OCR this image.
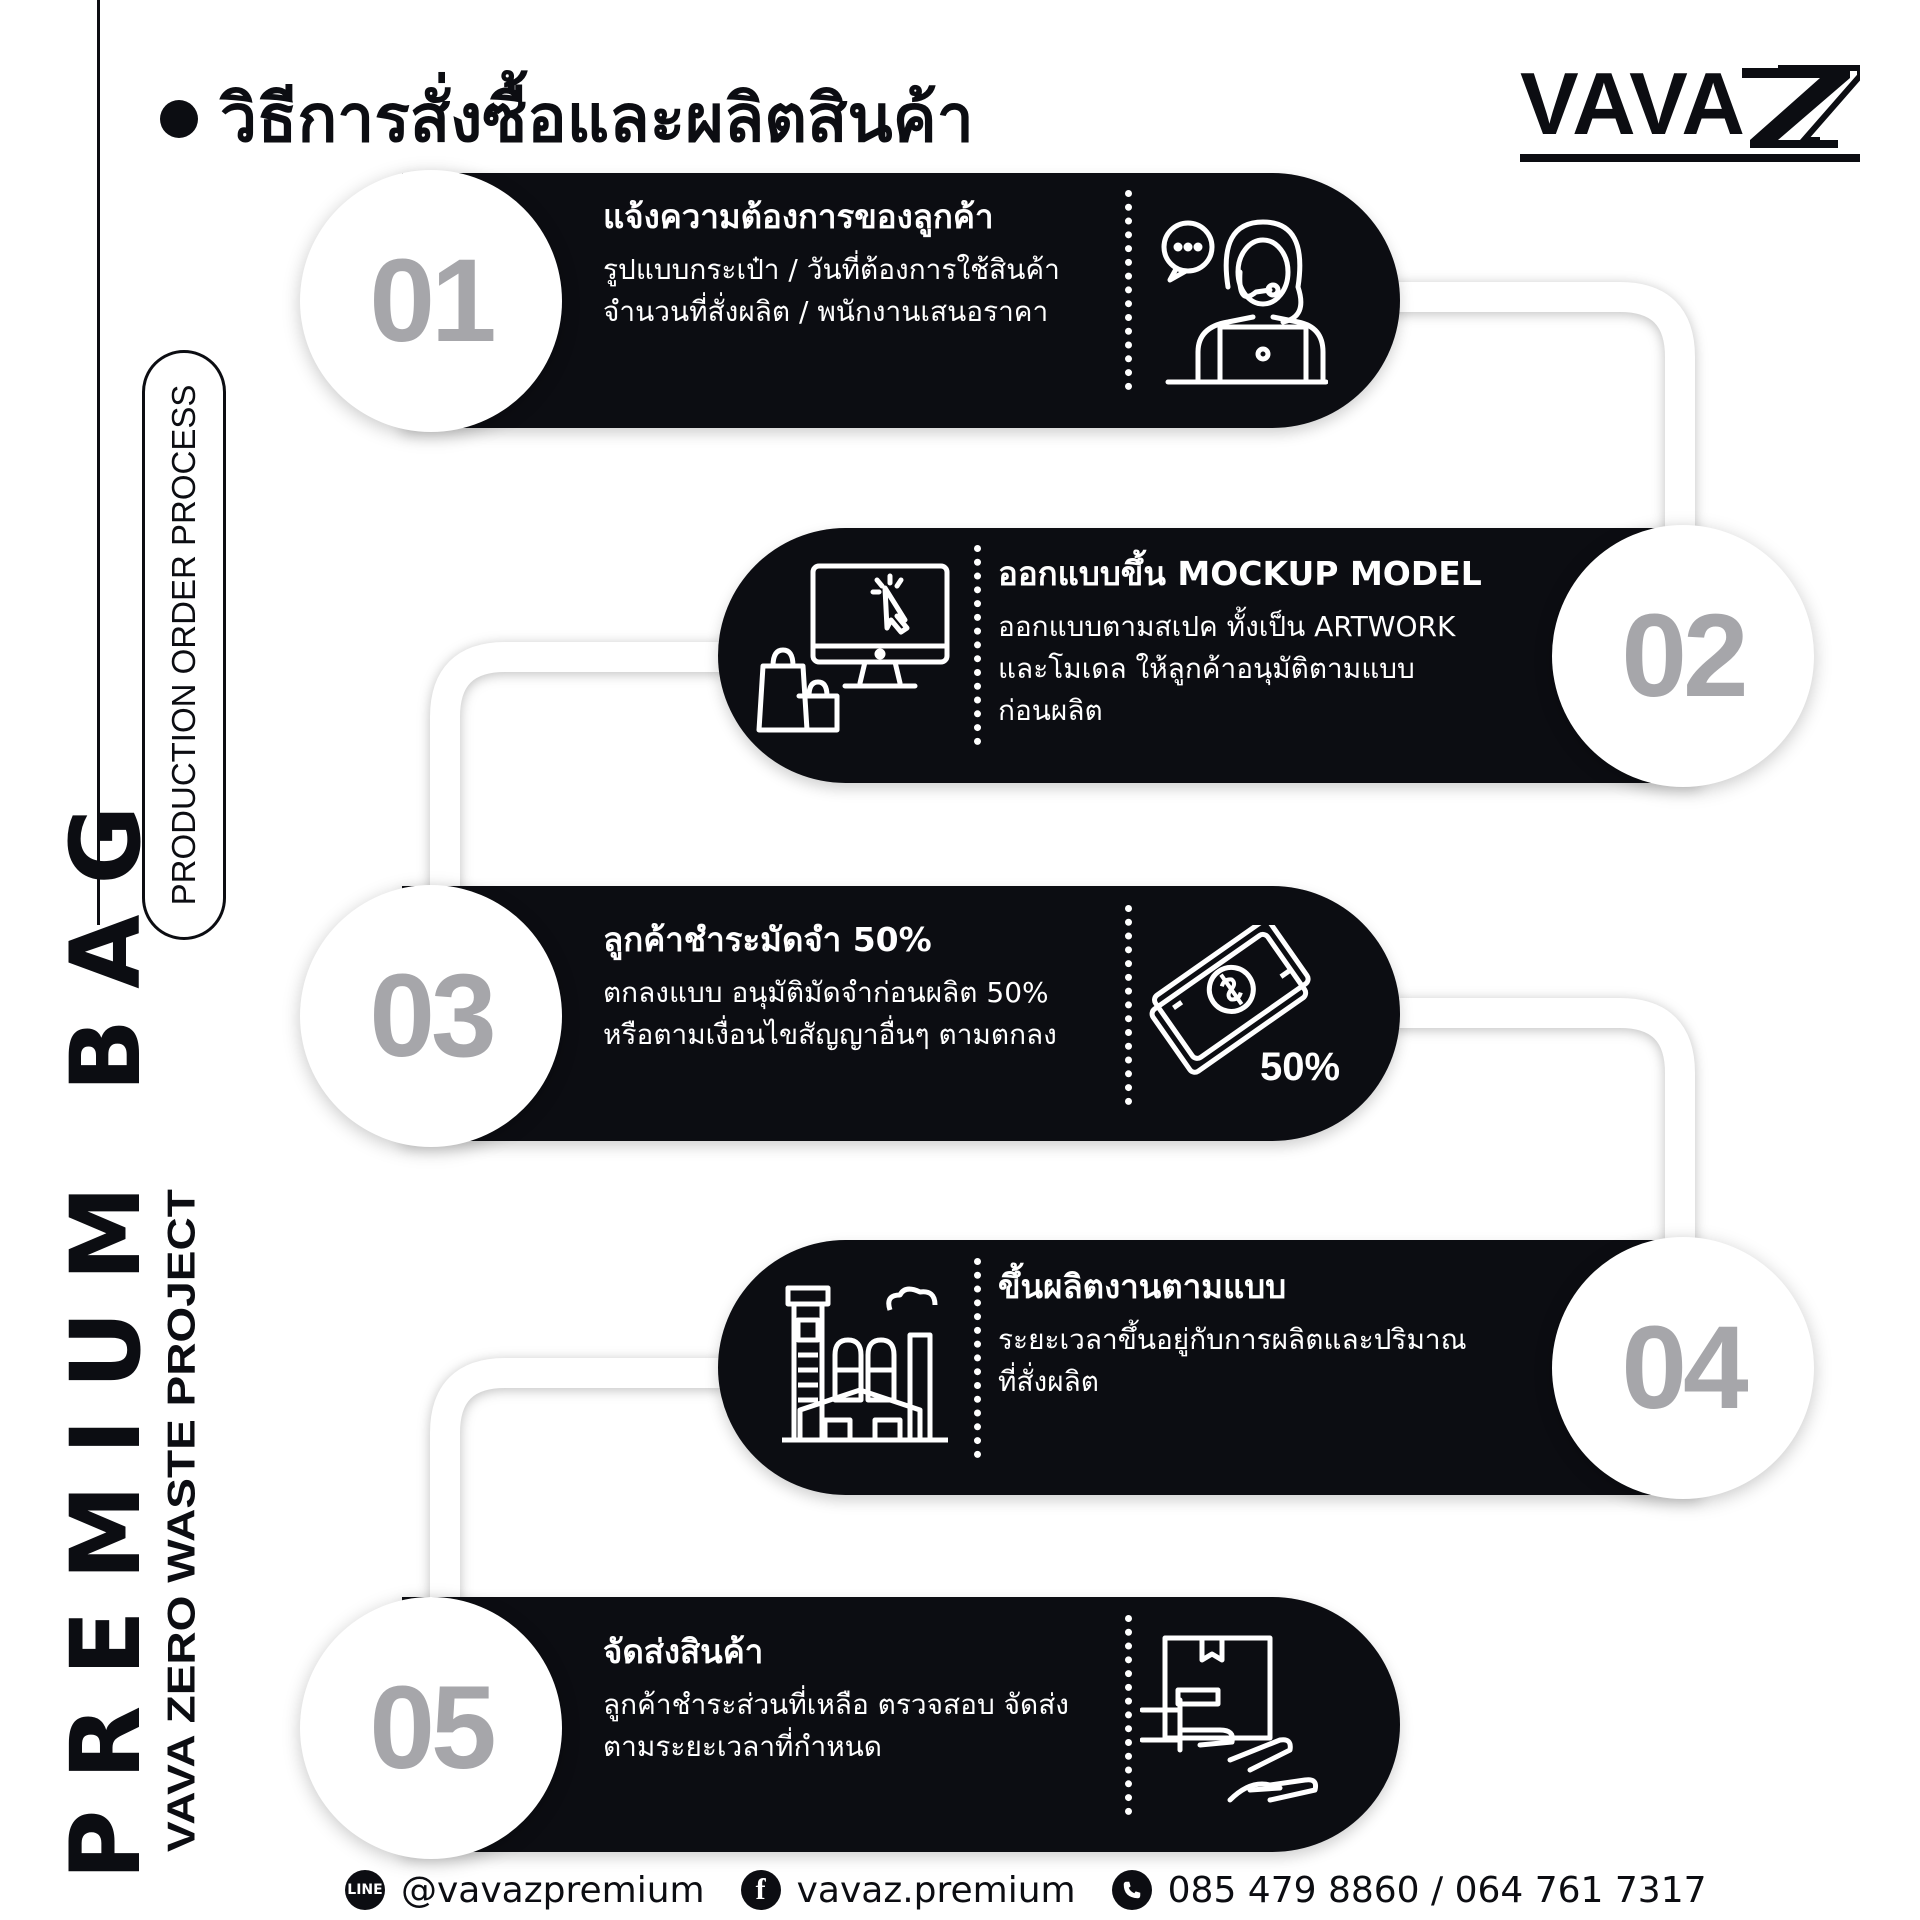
PRODUCTION ORDER PROCESS
PREMIUM BAG
VAVA ZERO WASTE PROJECT
วิธีการสั่งซื้อและผลิตสินค้า	VAVA
01
แจ้งความต้องการของลูกค้า
รูปแบบกระเป๋า / วันที่ต้องการใช้สินค้า
จำนวนที่สั่งผลิต / พนักงานเสนอราคา
02
ออกแบบขึ้น MOCKUP MODEL
ออกแบบตามสเปค ทั้งเป็น ARTWORK
และโมเดล ให้ลูกค้าอนุมัติตามแบบ
ก่อนผลิต
03
ลูกค้าชำระมัดจำ 50%
ตกลงแบบ อนุมัติมัดจำก่อนผลิต 50%
หรือตามเงื่อนไขสัญญาอื่นๆ ตามตกลง
50%
04
ขึ้นผลิตงานตามแบบ
ระยะเวลาขึ้นอยู่กับการผลิตและปริมาณ
ที่สั่งผลิต
05
จัดส่งสินค้า
ลูกค้าชำระส่วนที่เหลือ ตรวจสอบ จัดส่ง
ตามระยะเวลาที่กำหนด
LINE @vavazpremium	f vavaz.premium	085 479 8860 / 064 761 7317
